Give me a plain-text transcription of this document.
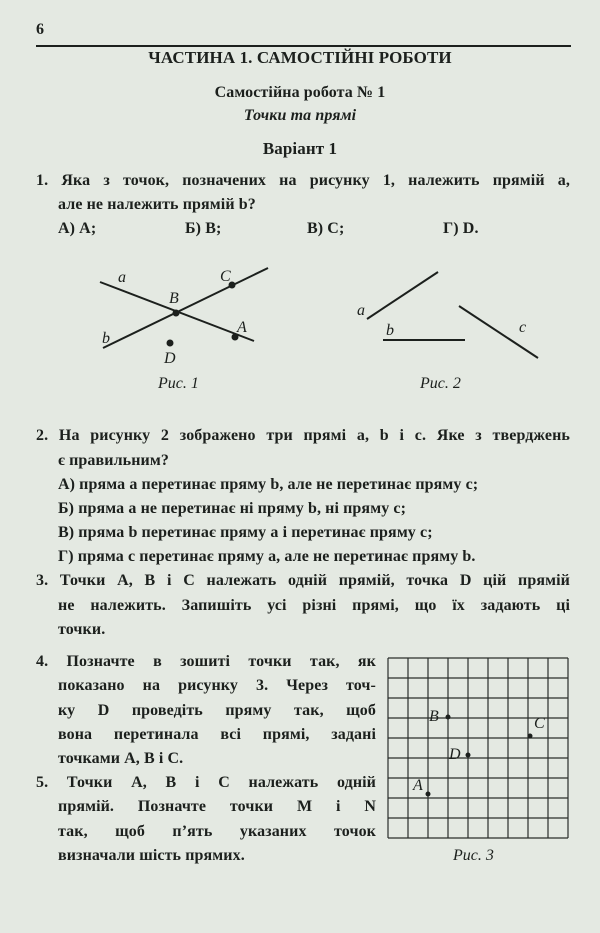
6
ЧАСТИНА 1. САМОСТІЙНІ РОБОТИ
Самостійна робота № 1
Точки та прямі
Варіант 1
1. Яка з точок, позначених на рисунку 1, належить прямій a,
але не належить прямій b?
А) A;	Б) B;	В) C;	Г) D.
a	C
B
A
b
D
Рис. 1
a
b	c
Рис. 2
B	C
D
A
Рис. 3
2. На рисунку 2 зображено три прямі a, b і c. Яке з тверджень
є правильним?
А) пряма a перетинає пряму b, але не перетинає пряму c;
Б) пряма a не перетинає ні пряму b, ні пряму c;
В) пряма b перетинає пряму a і перетинає пряму c;
Г) пряма c перетинає пряму a, але не перетинає пряму b.
3. Точки A, B і C належать одній прямій, точка D цій прямій
не належить. Запишіть усі різні прямі, що їх задають ці
точки.
4. Позначте в зошиті точки так, як
показано на рисунку 3. Через точ-
ку D проведіть пряму так, щоб
вона перетинала всі прямі, задані
точками A, B і C.
5. Точки A, B і C належать одній
прямій. Позначте точки M і N
так, щоб п’ять указаних точок
визначали шість прямих.
